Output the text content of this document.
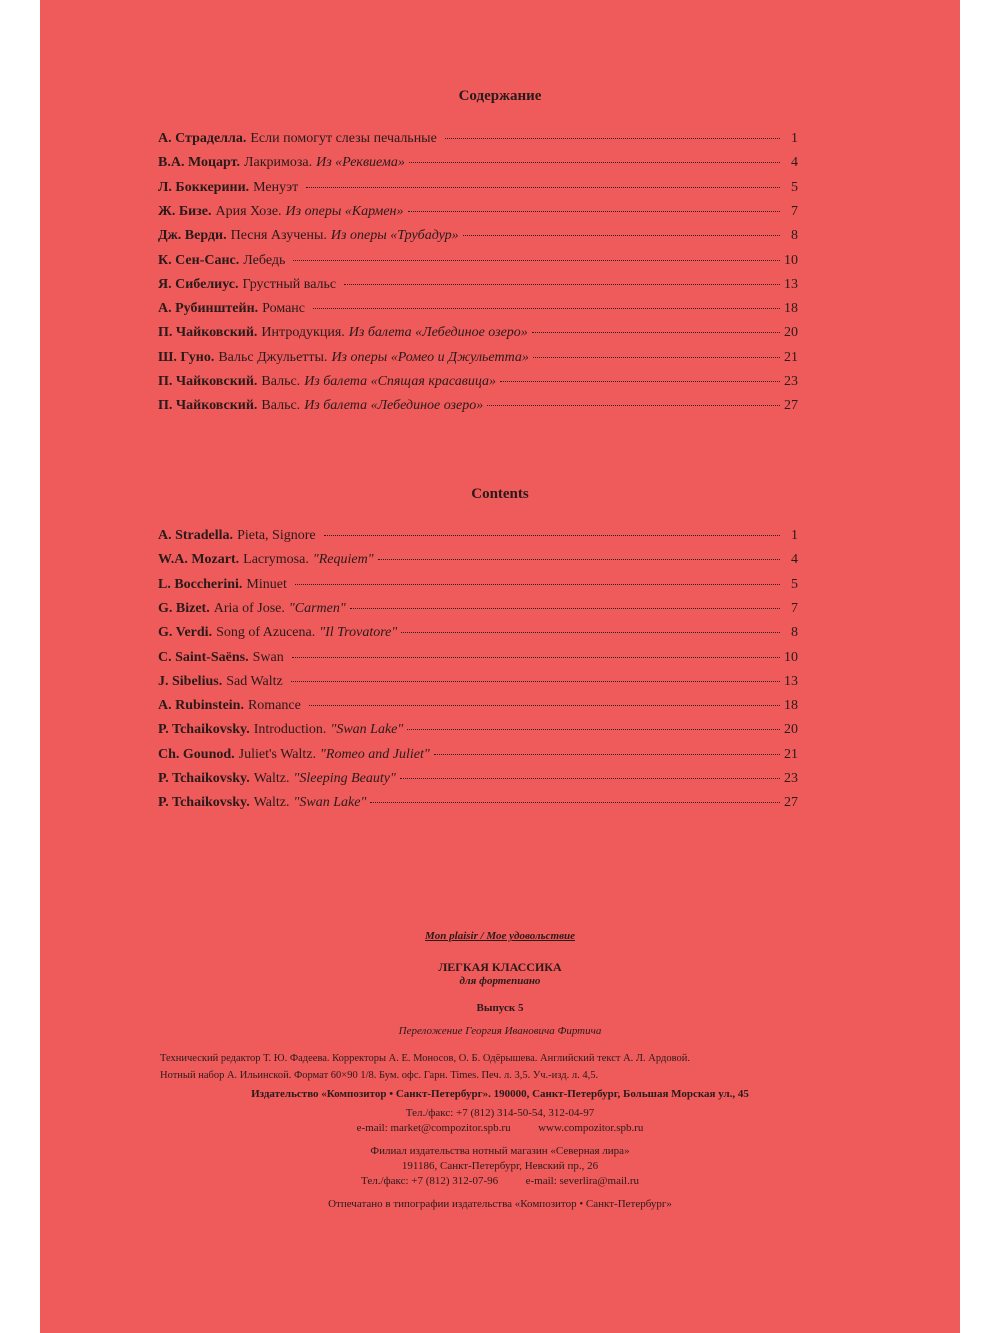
Содержание
А. Страделла. Если помогут слезы печальные	1
В.А. Моцарт. Лакримоза. Из «Реквиема»	4
Л. Боккерини. Менуэт	5
Ж. Бизе. Ария Хозе. Из оперы «Кармен»	7
Дж. Верди. Песня Азучены. Из оперы «Трубадур»	8
К. Сен-Санс. Лебедь	10
Я. Сибелиус. Грустный вальс	13
А. Рубинштейн. Романс	18
П. Чайковский. Интродукция. Из балета «Лебединое озеро»	20
Ш. Гуно. Вальс Джульетты. Из оперы «Ромео и Джульетта»	21
П. Чайковский. Вальс. Из балета «Спящая красавица»	23
П. Чайковский. Вальс. Из балета «Лебединое озеро»	27
Contents
A. Stradella. Pieta, Signore	1
W.A. Mozart. Lacrymosa. "Requiem"	4
L. Boccherini. Minuet	5
G. Bizet. Aria of Jose. "Carmen"	7
G. Verdi. Song of Azucena. "Il Trovatore"	8
C. Saint-Saëns. Swan	10
J. Sibelius. Sad Waltz	13
A. Rubinstein. Romance	18
P. Tchaikovsky. Introduction. "Swan Lake"	20
Ch. Gounod. Juliet's Waltz. "Romeo and Juliet"	21
P. Tchaikovsky. Waltz. "Sleeping Beauty"	23
P. Tchaikovsky. Waltz. "Swan Lake"	27
Mon plaisir / Мое удовольствие
ЛЕГКАЯ КЛАССИКА
для фортепиано
Выпуск 5
Переложение Георгия Ивановича Фиртича
Технический редактор Т. Ю. Фадеева. Корректоры А. Е. Моносов, О. Б. Одёрышева. Английский текст А. Л. Ардовой.
Нотный набор А. Ильинской. Формат 60×90 1/8. Бум. офс. Гарн. Times. Печ. л. 3,5. Уч.-изд. л. 4,5.
Издательство «Композитор • Санкт-Петербург». 190000, Санкт-Петербург, Большая Морская ул., 45
Тел./факс: +7 (812) 314-50-54, 312-04-97
e-mail: market@compozitor.spb.ru          www.compozitor.spb.ru
Филиал издательства нотный магазин «Северная лира»
191186, Санкт-Петербург, Невский пр., 26
Тел./факс: +7 (812) 312-07-96          e-mail: severlira@mail.ru
Отпечатано в типографии издательства «Композитор • Санкт-Петербург»
